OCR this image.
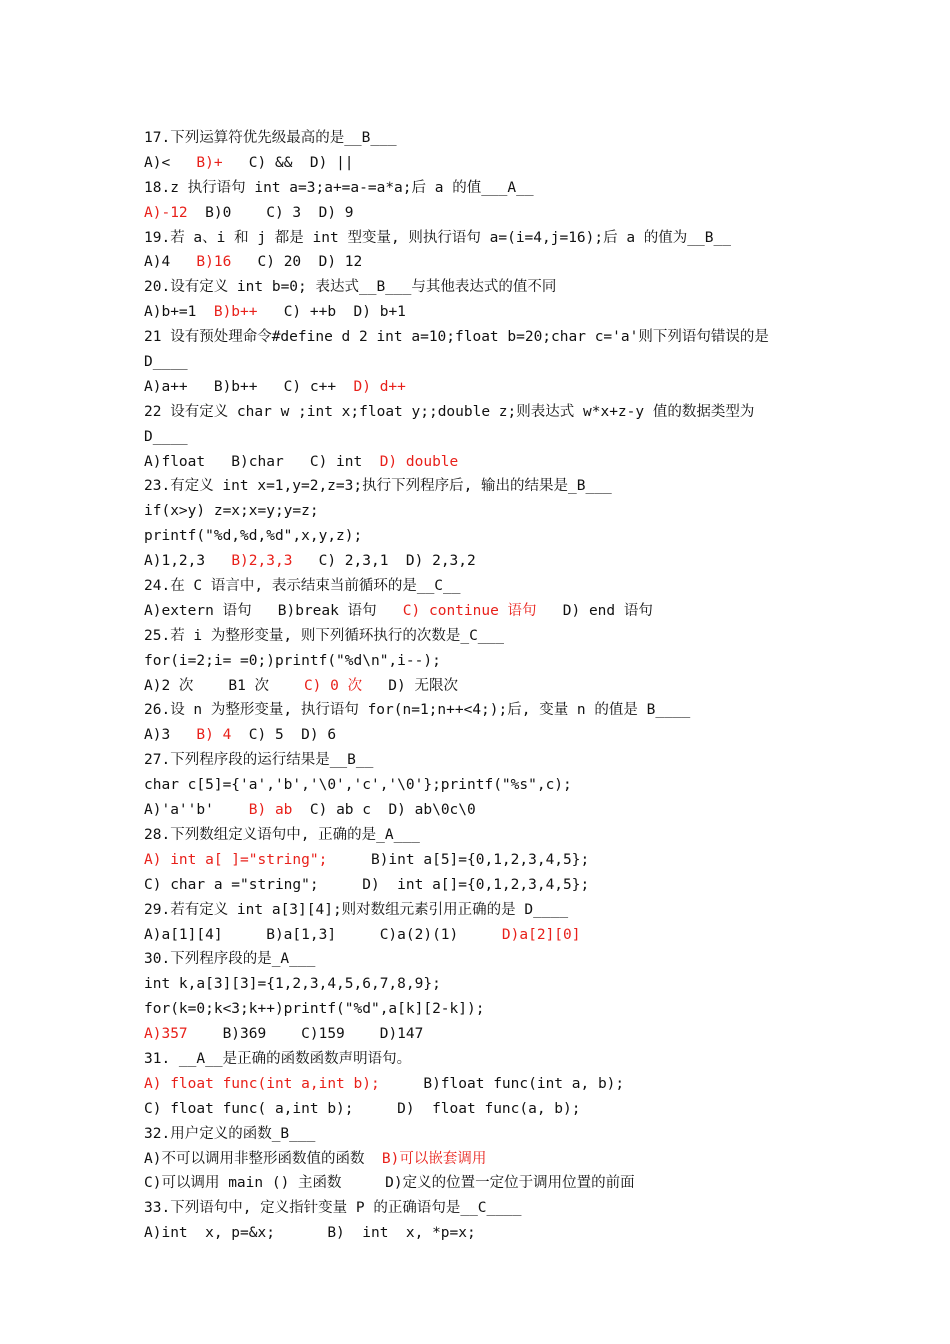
17.下列运算符优先级最高的是__B___
A)<   B)+   C) &&  D) ||
18.z 执行语句 int a=3;a+=a-=a*a;后 a 的值___A__
A)-12  B)0    C) 3  D) 9
19.若 a、i 和 j 都是 int 型变量, 则执行语句 a=(i=4,j=16);后 a 的值为__B__
A)4   B)16   C) 20  D) 12
20.设有定义 int b=0; 表达式__B___与其他表达式的值不同
A)b+=1  B)b++   C) ++b  D) b+1
21 设有预处理命令#define d 2 int a=10;float b=20;char c='a'则下列语句错误的是
D____
A)a++   B)b++   C) c++  D) d++
22 设有定义 char w ;int x;float y;;double z;则表达式 w*x+z-y 值的数据类型为
D____
A)float   B)char   C) int  D) double
23.有定义 int x=1,y=2,z=3;执行下列程序后, 输出的结果是_B___
if(x>y) z=x;x=y;y=z;
printf("%d,%d,%d",x,y,z);
A)1,2,3   B)2,3,3   C) 2,3,1  D) 2,3,2
24.在 C 语言中, 表示结束当前循环的是__C__
A)extern 语句   B)break 语句   C) continue 语句   D) end 语句
25.若 i 为整形变量, 则下列循环执行的次数是_C___
for(i=2;i= =0;)printf("%d\n",i--);
A)2 次    B1 次    C) 0 次   D) 无限次
26.设 n 为整形变量, 执行语句 for(n=1;n++<4;);后, 变量 n 的值是 B____
A)3   B) 4  C) 5  D) 6
27.下列程序段的运行结果是__B__
char c[5]={'a','b','\0','c','\0'};printf("%s",c);
A)'a''b'    B) ab  C) ab c  D) ab\0c\0
28.下列数组定义语句中, 正确的是_A___
A) int a[ ]="string";     B)int a[5]={0,1,2,3,4,5};
C) char a ="string";     D)  int a[]={0,1,2,3,4,5};
29.若有定义 int a[3][4];则对数组元素引用正确的是 D____
A)a[1][4]     B)a[1,3]     C)a(2)(1)     D)a[2][0]
30.下列程序段的是_A___
int k,a[3][3]={1,2,3,4,5,6,7,8,9};
for(k=0;k<3;k++)printf("%d",a[k][2-k]);
A)357    B)369    C)159    D)147
31. __A__是正确的函数函数声明语句。
A) float func(int a,int b);     B)float func(int a, b);
C) float func( a,int b);     D)  float func(a, b);
32.用户定义的函数_B___
A)不可以调用非整形函数值的函数  B)可以嵌套调用
C)可以调用 main () 主函数     D)定义的位置一定位于调用位置的前面
33.下列语句中, 定义指针变量 P 的正确语句是__C____
A)int  x, p=&x;      B)  int  x, *p=x;
